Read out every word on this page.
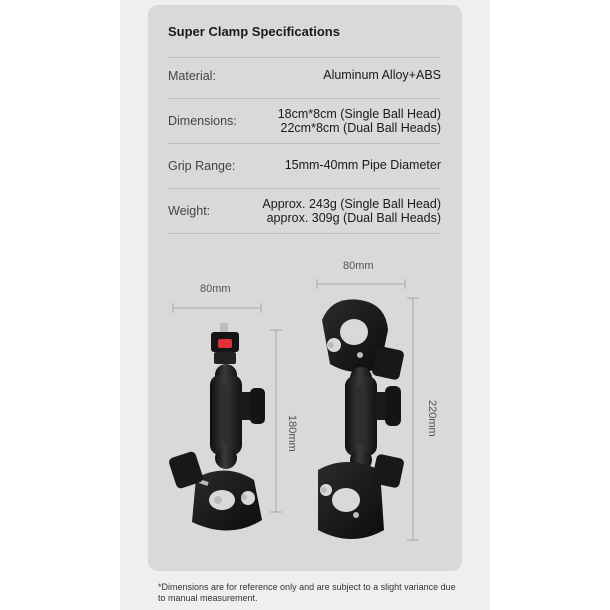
Super Clamp Specifications
Material:	Aluminum Alloy+ABS
Dimensions:	18cm*8cm (Single Ball Head)
22cm*8cm (Dual Ball Heads)
Grip Range:	15mm-40mm Pipe Diameter
Weight:	Approx. 243g (Single Ball Head)
approx. 309g (Dual Ball Heads)
80mm
80mm
180mm	220mm
*Dimensions are for reference only and are subject to a slight variance due to manual measurement.
